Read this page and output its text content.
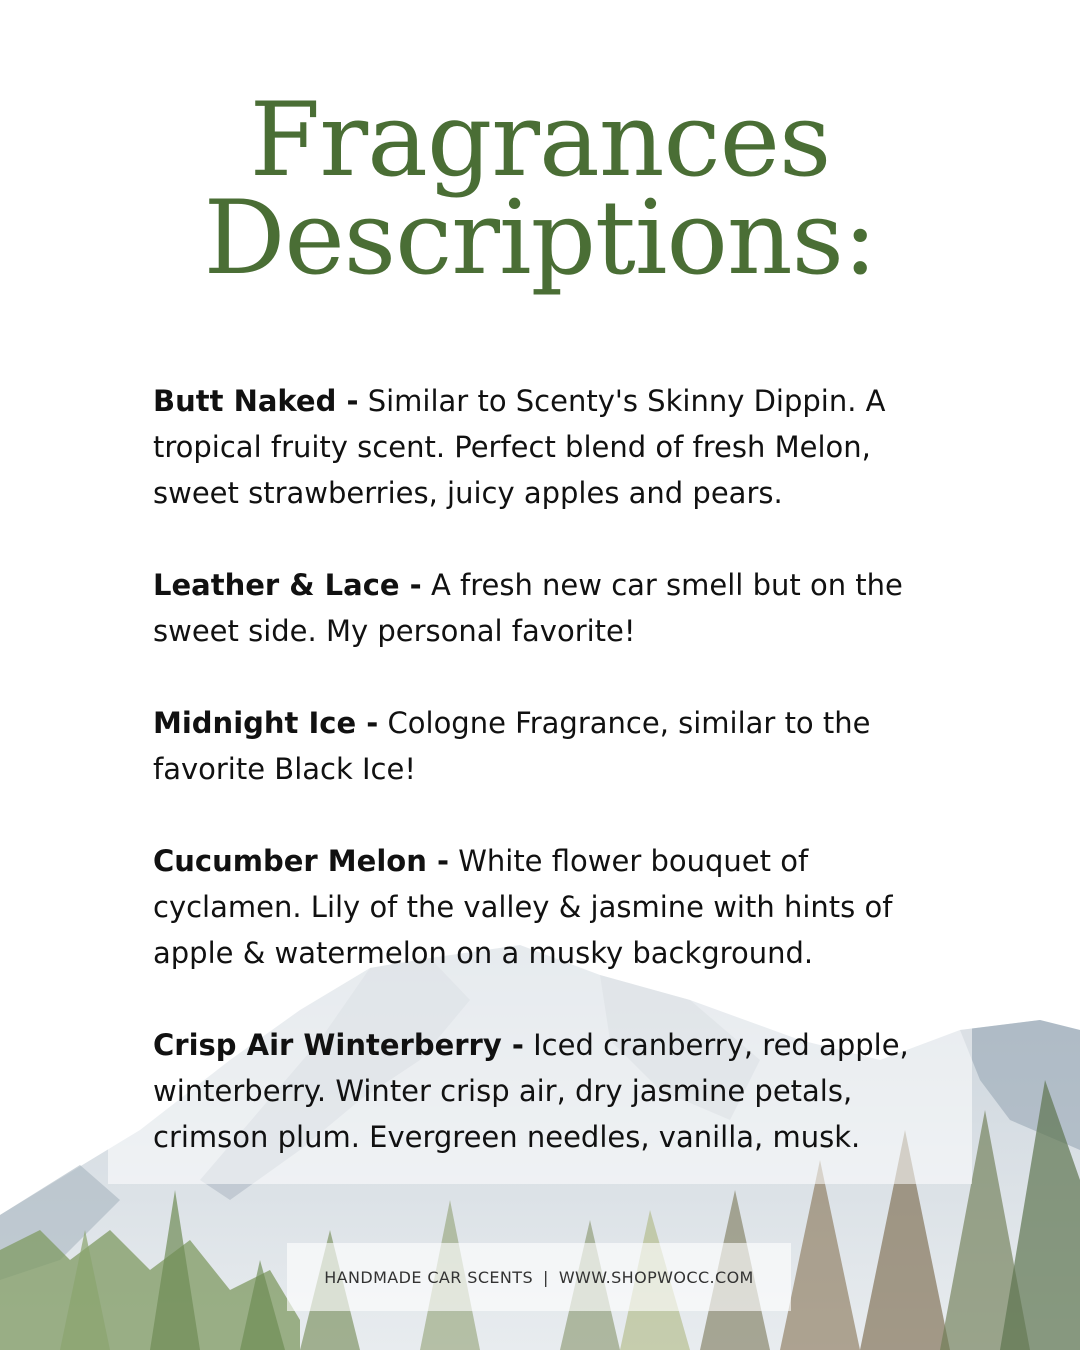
Fragrances
Descriptions:

Butt Naked - Similar to Scenty's Skinny Dippin. A tropical fruity scent. Perfect blend of fresh Melon, sweet strawberries, juicy apples and pears.

Leather & Lace - A fresh new car smell but on the sweet side. My personal favorite!

Midnight Ice - Cologne Fragrance, similar to the favorite Black Ice!

Cucumber Melon - White flower bouquet of cyclamen. Lily of the valley & jasmine with hints of apple & watermelon on a musky background.

Crisp Air Winterberry - Iced cranberry, red apple, winterberry. Winter crisp air, dry jasmine petals, crimson plum. Evergreen needles, vanilla, musk.

HANDMADE CAR SCENTS | WWW.SHOPWOCC.COM
